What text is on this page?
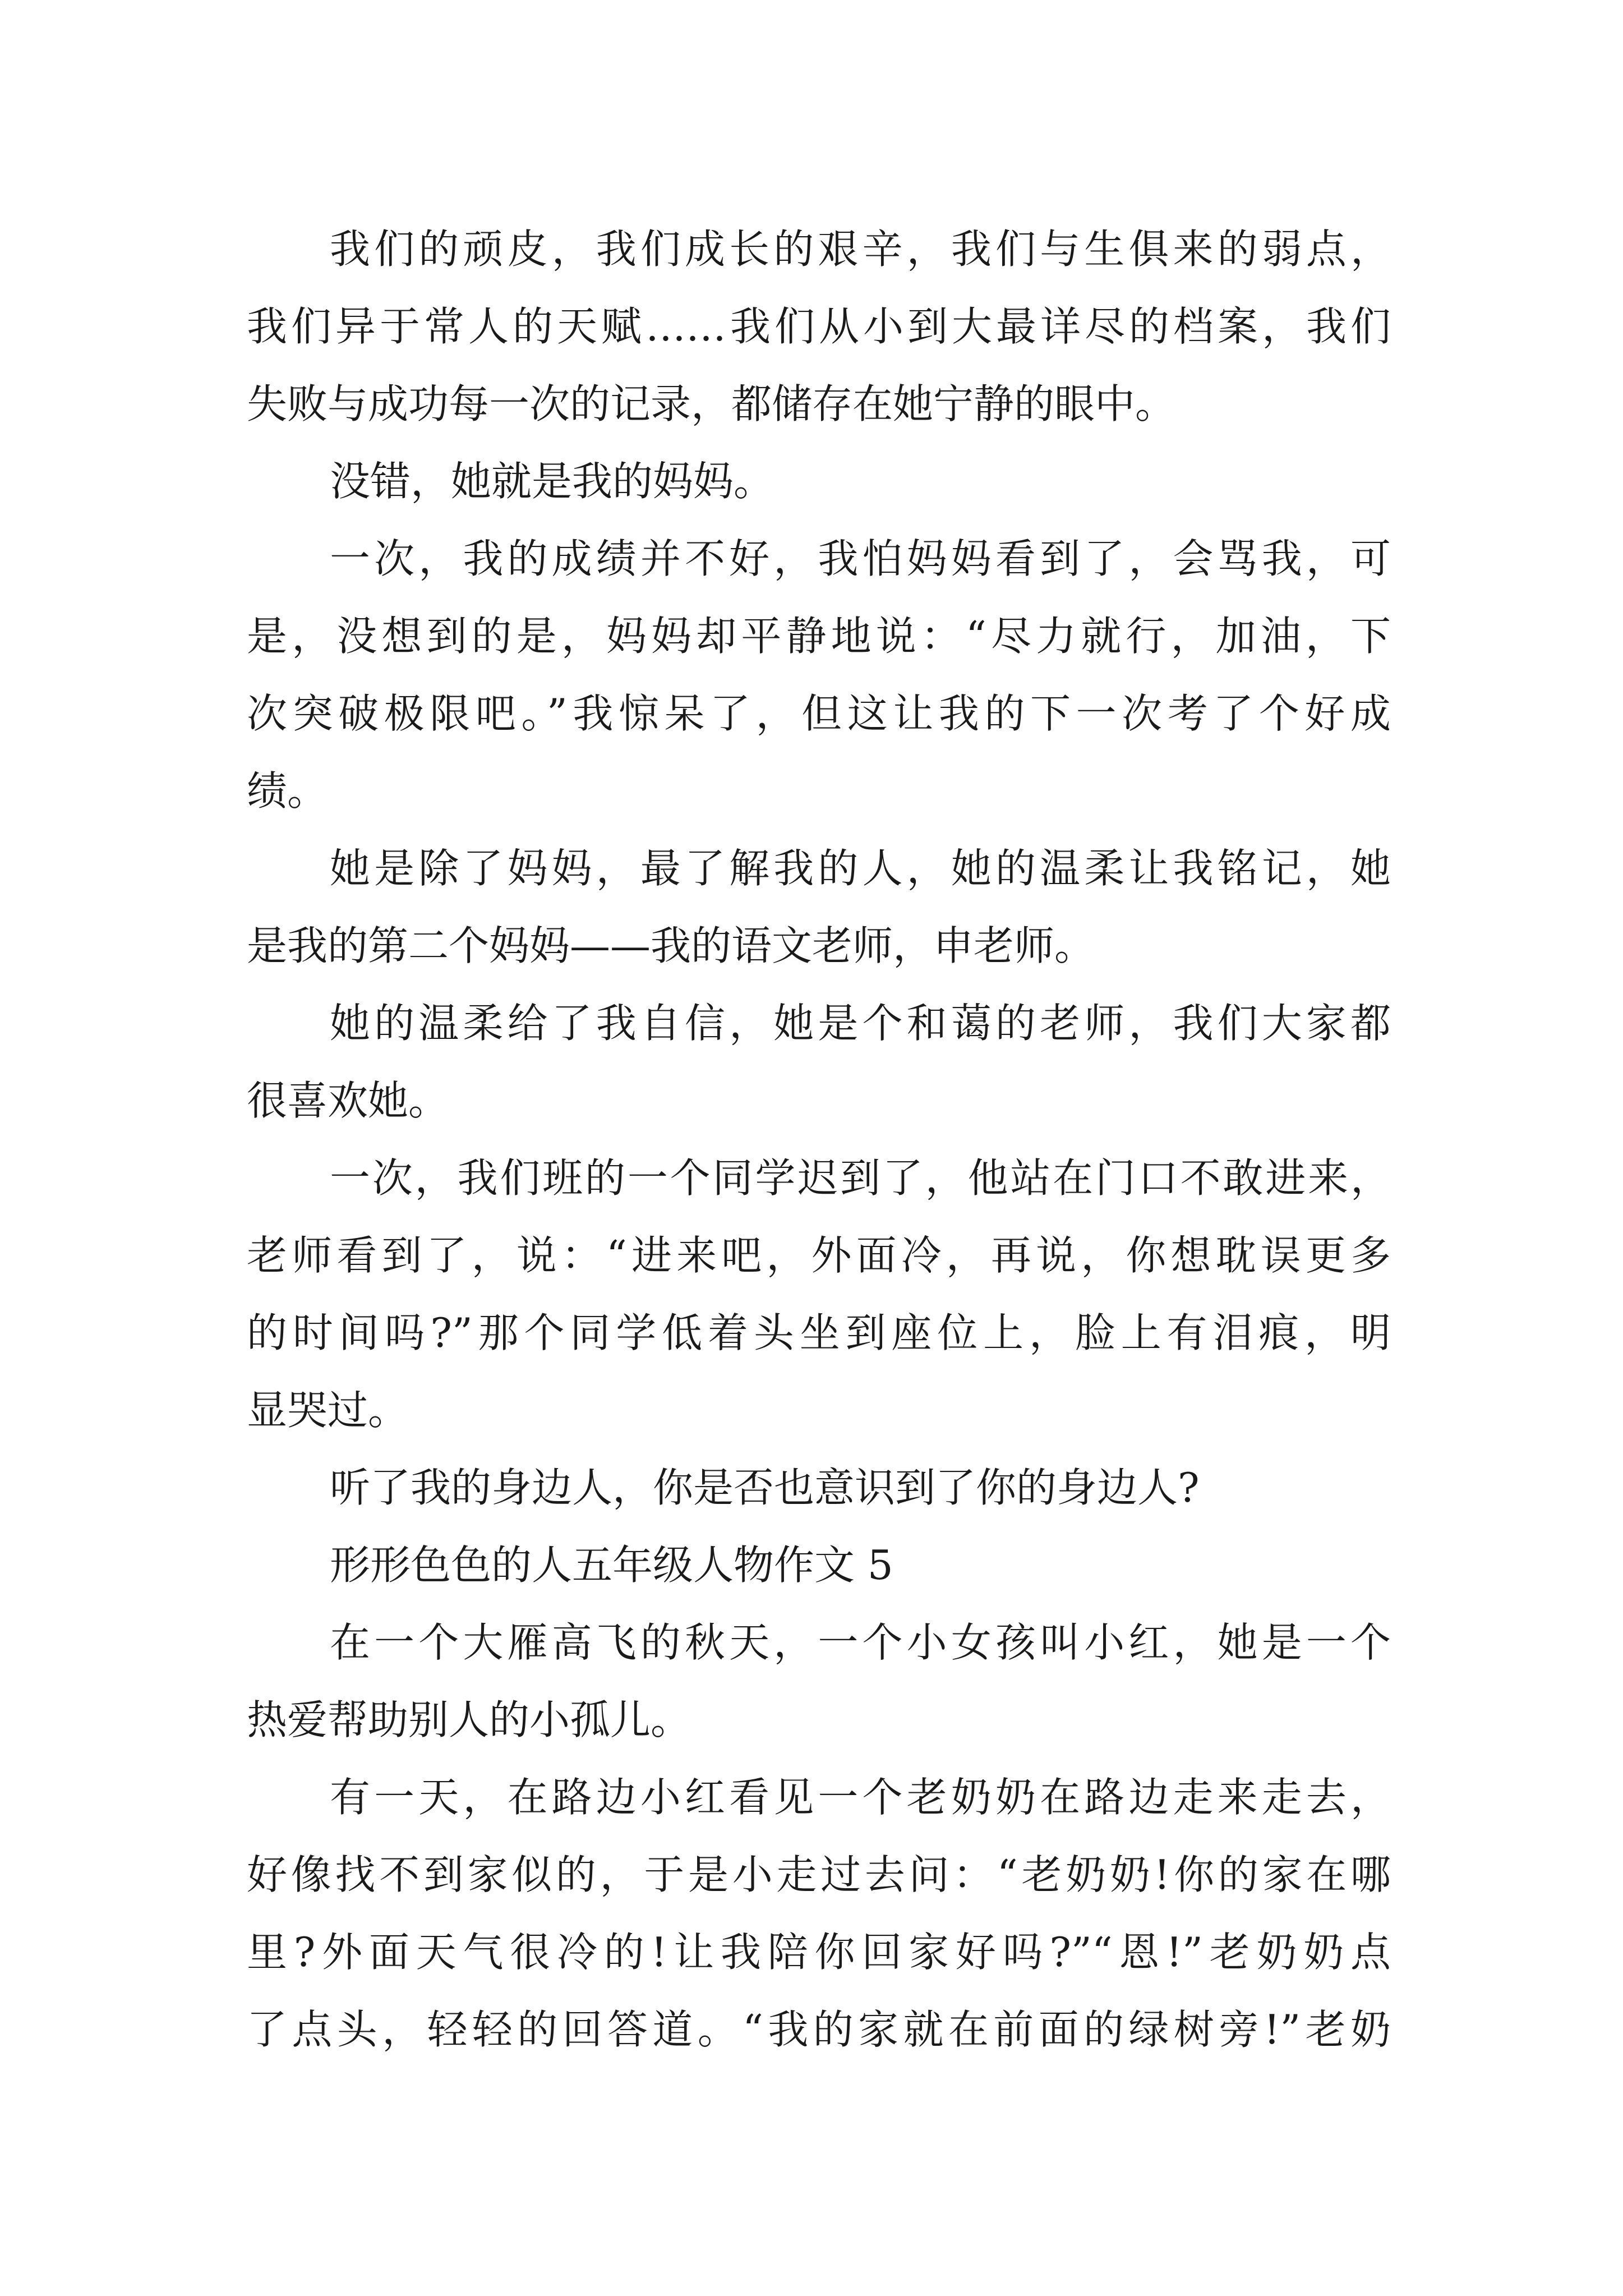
我们的顽皮，我们成长的艰辛，我们与生俱来的弱点，
我们异于常人的天赋……我们从小到大最详尽的档案，我们
失败与成功每一次的记录，都储存在她宁静的眼中。
没错，她就是我的妈妈。
一次，我的成绩并不好，我怕妈妈看到了，会骂我，可
是，没想到的是，妈妈却平静地说：“尽力就行，加油，下
次突破极限吧。”我惊呆了，但这让我的下一次考了个好成
绩。
她是除了妈妈，最了解我的人，她的温柔让我铭记，她
是我的第二个妈妈——我的语文老师，申老师。
她的温柔给了我自信，她是个和蔼的老师，我们大家都
很喜欢她。
一次，我们班的一个同学迟到了，他站在门口不敢进来，
老师看到了，说：“进来吧，外面冷，再说，你想耽误更多
的时间吗?”那个同学低着头坐到座位上，脸上有泪痕，明
显哭过。
听了我的身边人，你是否也意识到了你的身边人?
形形色色的人五年级人物作文 5
在一个大雁高飞的秋天，一个小女孩叫小红，她是一个
热爱帮助别人的小孤儿。
有一天，在路边小红看见一个老奶奶在路边走来走去，
好像找不到家似的，于是小走过去问：“老奶奶!你的家在哪
里?外面天气很冷的!让我陪你回家好吗?”“恩!”老奶奶点
了点头，轻轻的回答道。“我的家就在前面的绿树旁!”老奶
